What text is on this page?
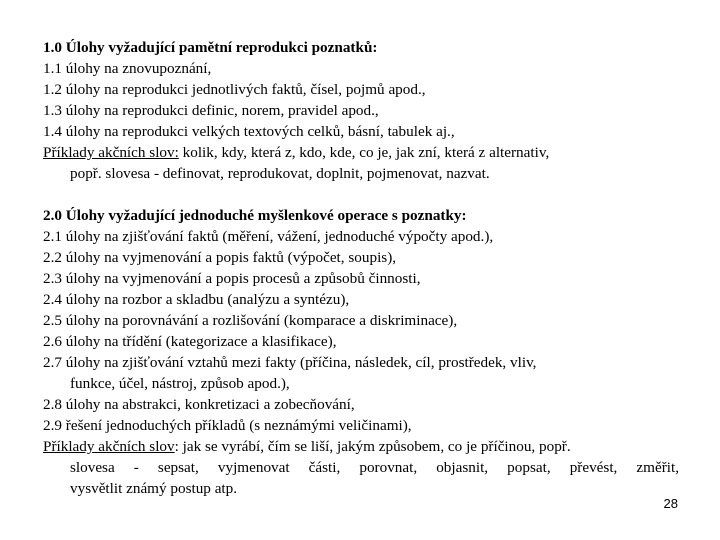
1.0 Úlohy vyžadující pamětní reprodukci poznatků:
1.1 úlohy na znovupoznání,
1.2 úlohy na reprodukci jednotlivých faktů, čísel, pojmů apod.,
1.3 úlohy na reprodukci definic, norem, pravidel apod.,
1.4 úlohy na reprodukci velkých textových celků, básní, tabulek aj.,
Příklady akčních slov: kolik, kdy, která z, kdo, kde, co je, jak zní, která z alternativ,
popř. slovesa - definovat, reprodukovat, doplnit, pojmenovat, nazvat.
2.0 Úlohy vyžadující jednoduché myšlenkové operace s poznatky:
2.1 úlohy na zjišťování faktů (měření, vážení, jednoduché výpočty apod.),
2.2 úlohy na vyjmenování a popis faktů (výpočet, soupis),
2.3 úlohy na vyjmenování a popis procesů a způsobů činnosti,
2.4 úlohy na rozbor a skladbu (analýzu a syntézu),
2.5 úlohy na porovnávání a rozlišování (komparace a diskriminace),
2.6 úlohy na třídění (kategorizace a klasifikace),
2.7 úlohy na zjišťování vztahů mezi fakty (příčina, následek, cíl, prostředek, vliv,
funkce, účel, nástroj, způsob apod.),
2.8 úlohy na abstrakci, konkretizaci a zobecňování,
2.9 řešení jednoduchých příkladů (s neznámými veličinami),
Příklady akčních slov: jak se vyrábí, čím se liší, jakým způsobem, co je příčinou, popř.
slovesa - sepsat, vyjmenovat části, porovnat, objasnit, popsat, převést, změřit,
vysvětlit známý postup atp.
28
